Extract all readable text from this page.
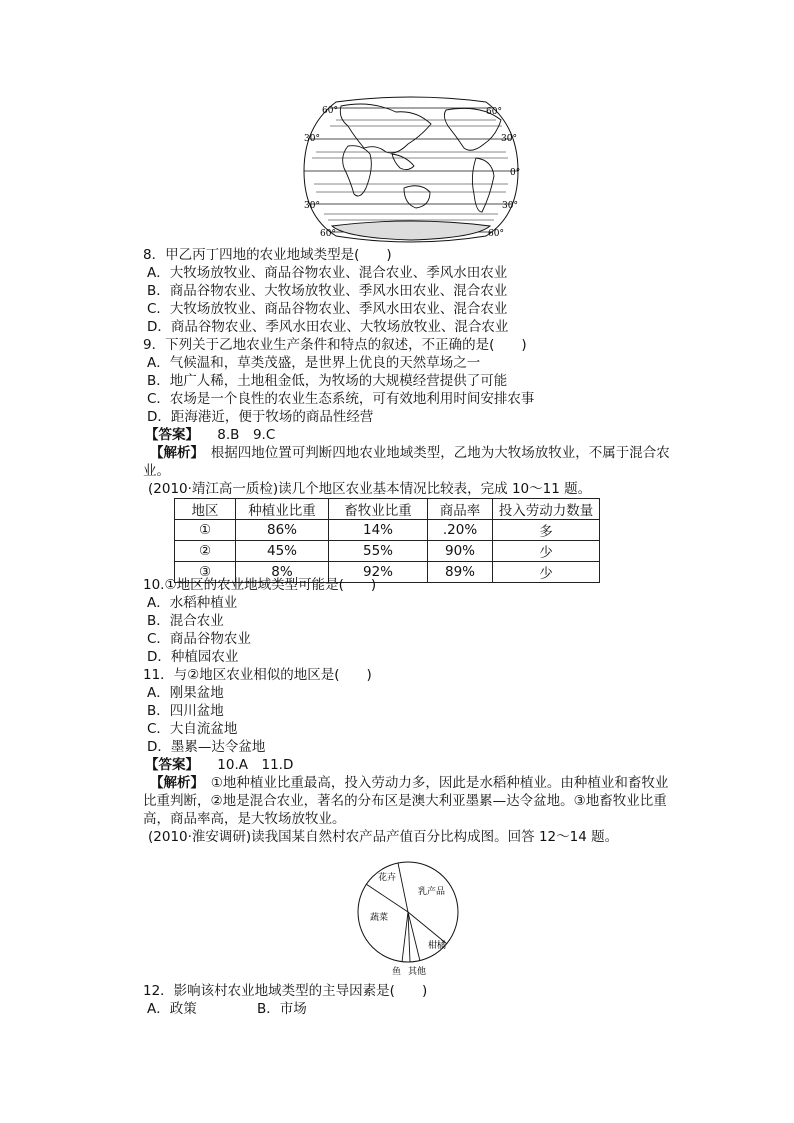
60°
30°
30°
60°
60°
30°
0°
30°
60°
8．甲乙丙丁四地的农业地域类型是(　　)
A．大牧场放牧业、商品谷物农业、混合农业、季风水田农业
B．商品谷物农业、大牧场放牧业、季风水田农业、混合农业
C．大牧场放牧业、商品谷物农业、季风水田农业、混合农业
D．商品谷物农业、季风水田农业、大牧场放牧业、混合农业
9．下列关于乙地农业生产条件和特点的叙述，不正确的是(　　)
A．气候温和，草类茂盛，是世界上优良的天然草场之一
B．地广人稀，土地租金低，为牧场的大规模经营提供了可能
C．农场是一个良性的农业生态系统，可有效地利用时间安排农事
D．距海港近，便于牧场的商品性经营
【答案】 8.B　9.C
【解析】　 根据四地位置可判断四地农业地域类型，乙地为大牧场放牧业，不属于混合农业。
(2010·靖江高一质检)读几个地区农业基本情况比较表，完成 10～11 题。
地区	种植业比重	畜牧业比重	商品率	投入劳动力数量
①	86%	14%	.20%	多
②	45%	55%	90%	少
③	8%	92%	89%	少
10.①地区的农业地域类型可能是(　　)
A．水稻种植业
B．混合农业
C．商品谷物农业
D．种植园农业
11．与②地区农业相似的地区是(　　)
A．刚果盆地
B．四川盆地
C．大自流盆地
D．墨累—达令盆地
【答案】 10.A　11.D
【解析】　 ①地种植业比重最高，投入劳动力多，因此是水稻种植业。由种植业和畜牧业比重判断，②地是混合农业，著名的分布区是澳大利亚墨累—达令盆地。③地畜牧业比重高，商品率高，是大牧场放牧业。
(2010·淮安调研)读我国某自然村农产品产值百分比构成图。回答 12～14 题。
花卉
乳产品
蔬菜
柑橘
鱼 其他
12．影响该村农业地域类型的主导因素是(　　)
A．政策	B．市场
